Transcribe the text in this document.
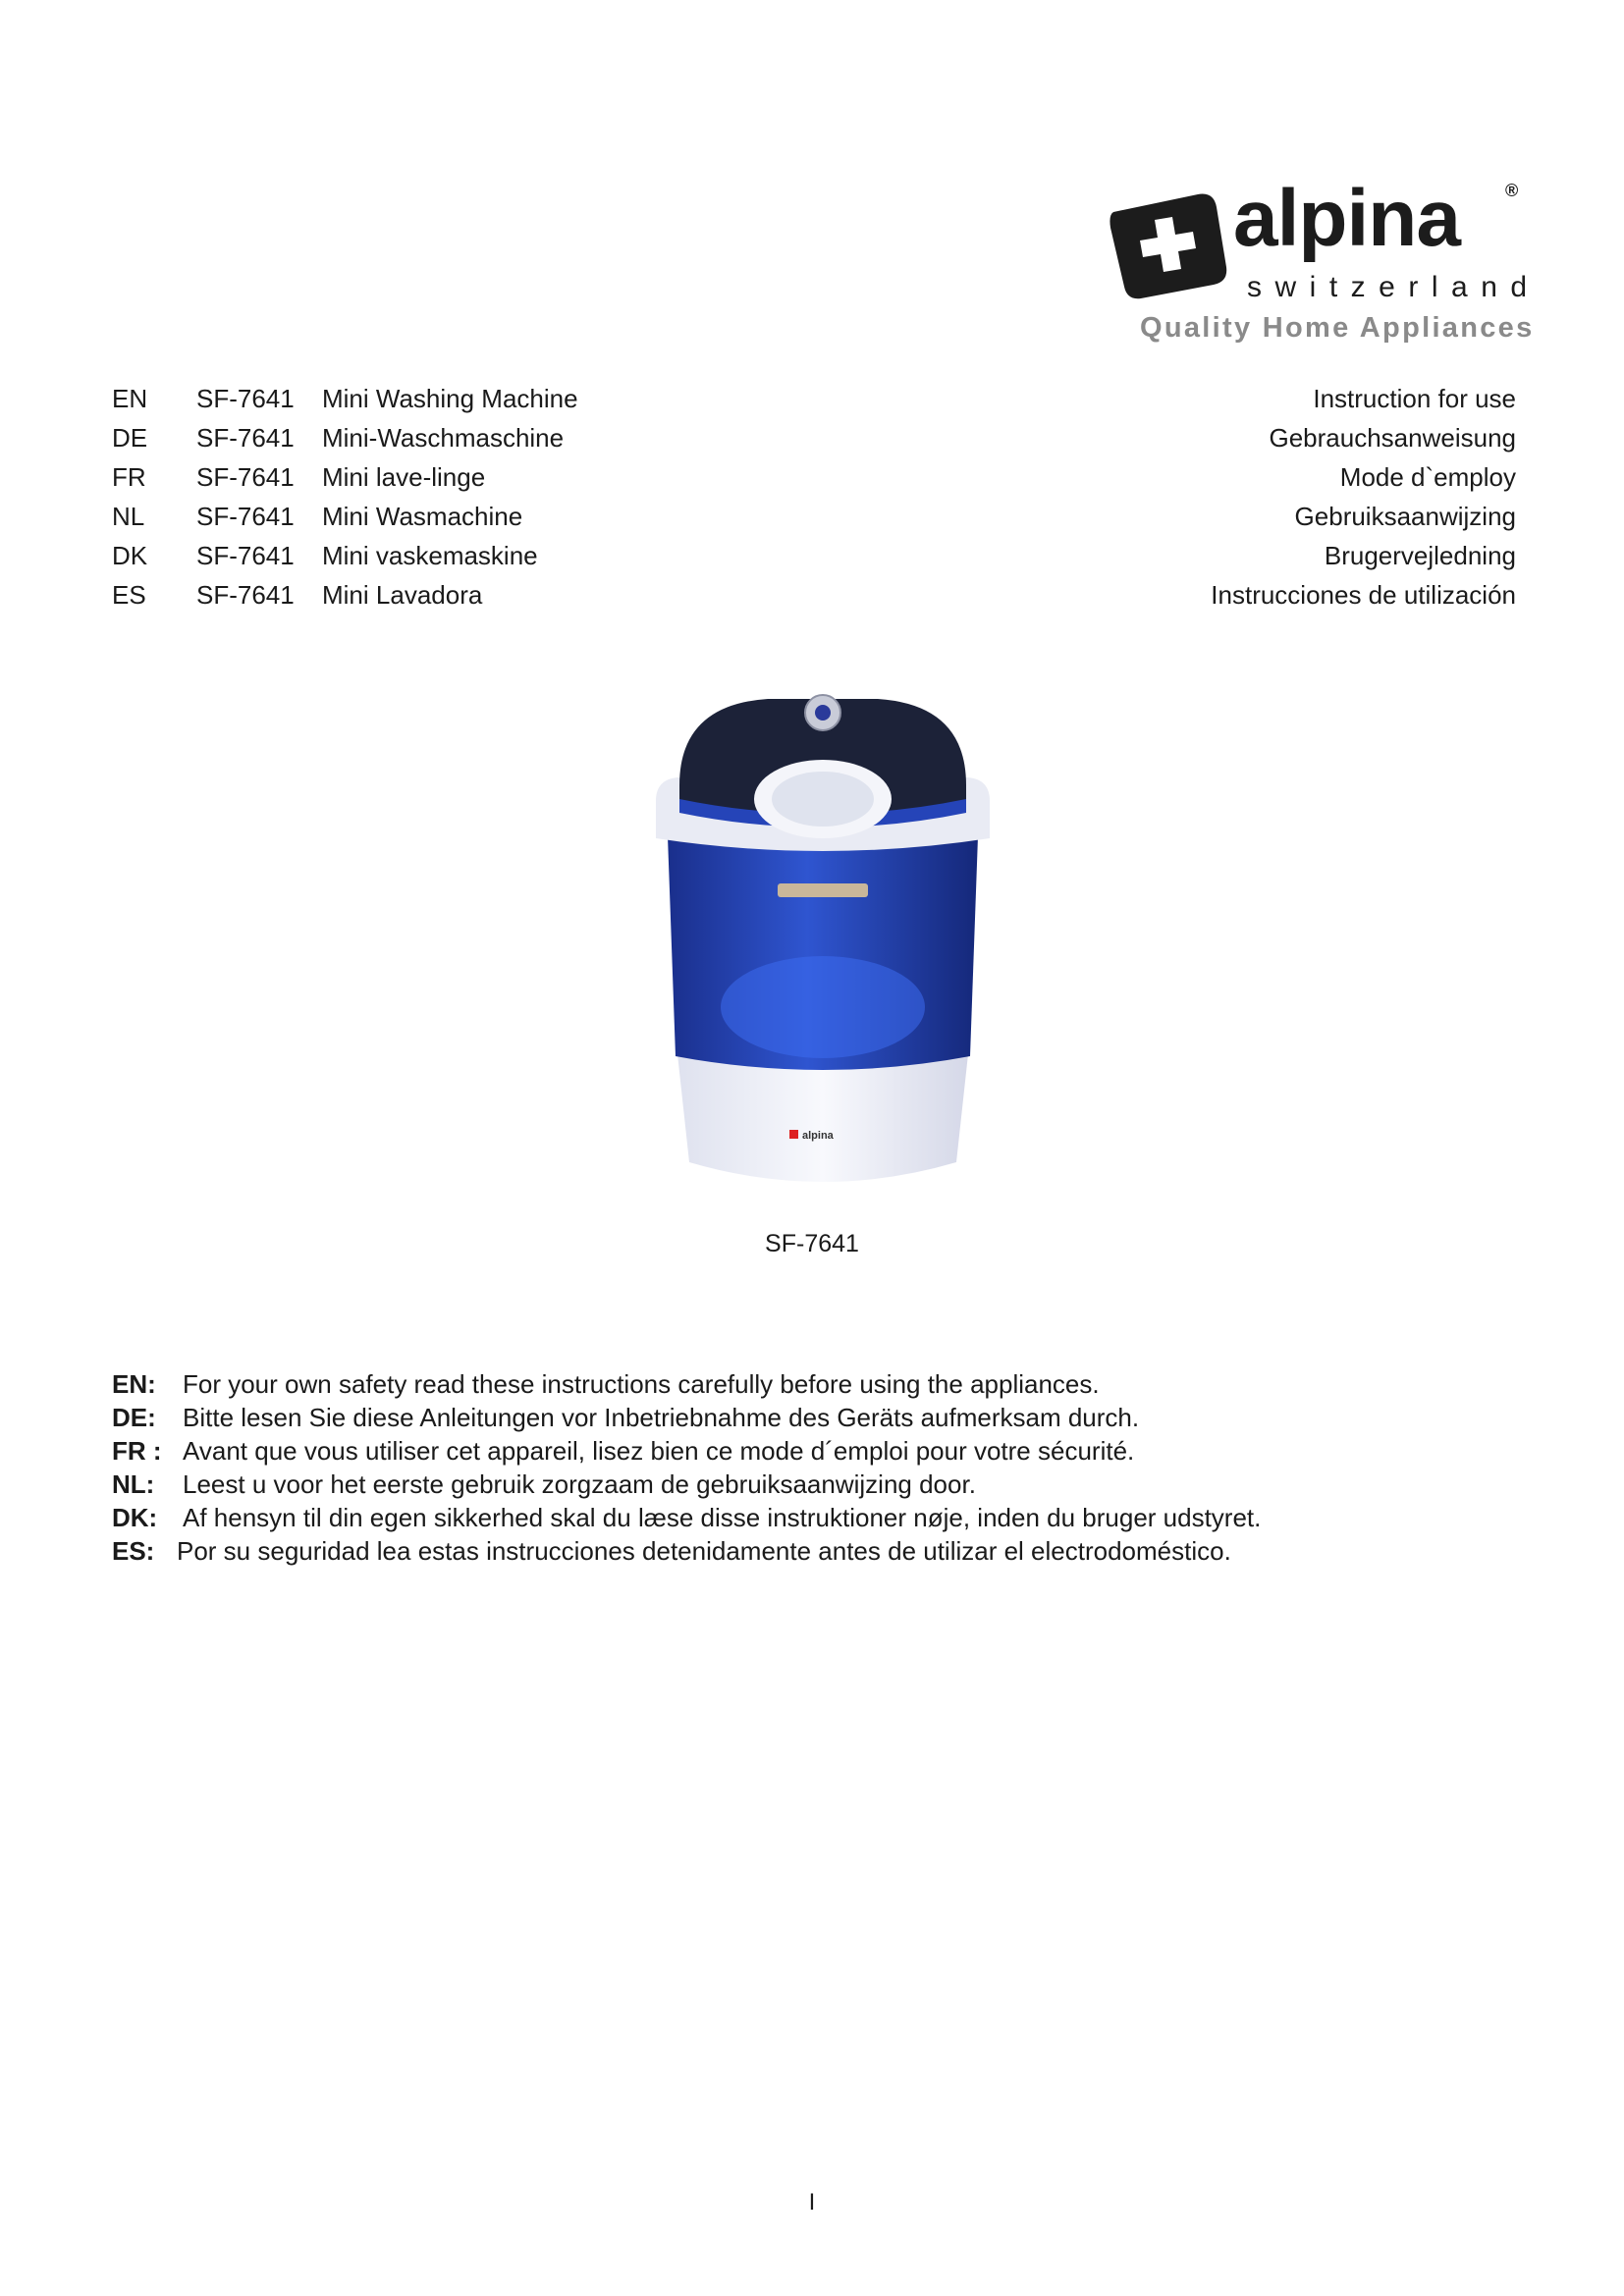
alpina	®
switzerland
Quality Home Appliances
EN SF-7641 Mini Washing Machine	Instruction for use
DE SF-7641 Mini-Waschmaschine	Gebrauchsanweisung
FR SF-7641 Mini lave-linge	Mode d`employ
NL SF-7641 Mini Wasmachine	Gebruiksaanwijzing
DK SF-7641 Mini vaskemaskine	Brugervejledning
ES SF-7641 Mini Lavadora	Instrucciones de utilización
alpina
SF-7641
EN: For your own safety read these instructions carefully before using the appliances.
DE: Bitte lesen Sie diese Anleitungen vor Inbetriebnahme des Geräts aufmerksam durch.
FR : Avant que vous utiliser cet appareil, lisez bien ce mode d´emploi pour votre sécurité.
NL: Leest u voor het eerste gebruik zorgzaam de gebruiksaanwijzing door.
DK: Af hensyn til din egen sikkerhed skal du læse disse instruktioner nøje, inden du bruger udstyret.
ES: Por su seguridad lea estas instrucciones detenidamente antes de utilizar el electrodoméstico.
I
